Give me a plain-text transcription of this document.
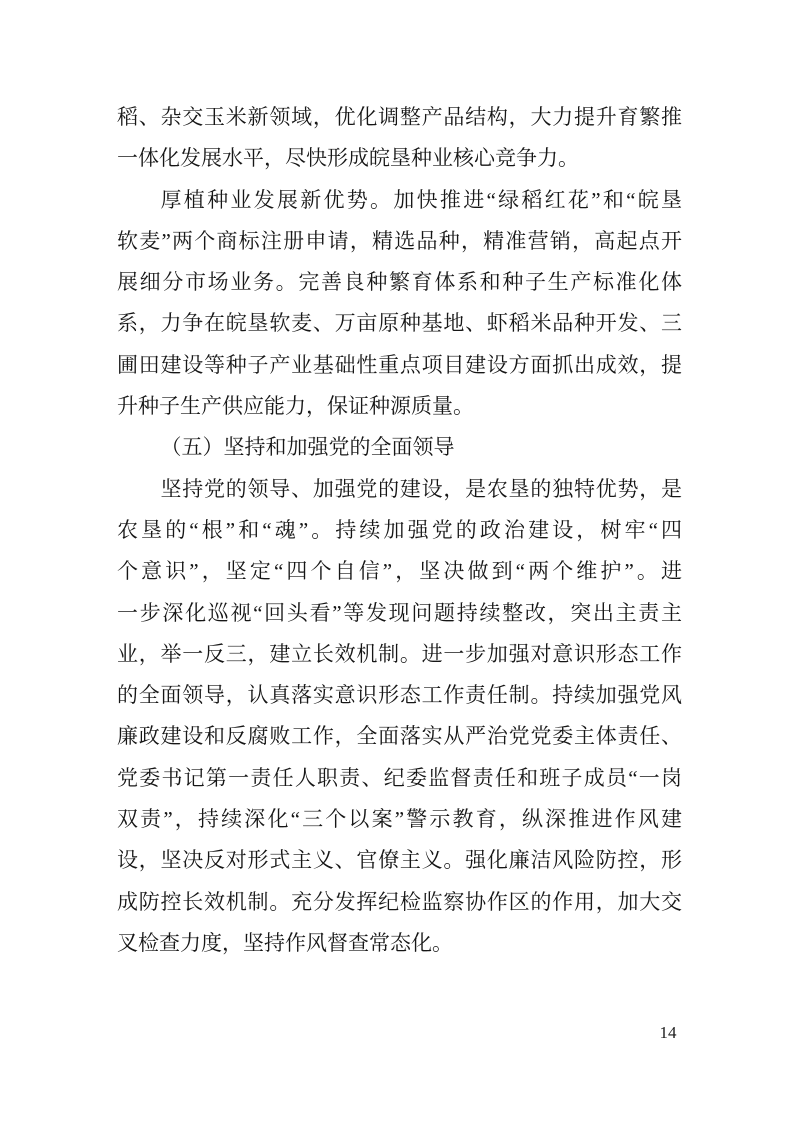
稻、杂交玉米新领域，优化调整产品结构，大力提升育繁推
一体化发展水平，尽快形成皖垦种业核心竞争力。
厚植种业发展新优势。加快推进“绿稻红花”和“皖垦
软麦”两个商标注册申请，精选品种，精准营销，高起点开
展细分市场业务。完善良种繁育体系和种子生产标准化体
系，力争在皖垦软麦、万亩原种基地、虾稻米品种开发、三
圃田建设等种子产业基础性重点项目建设方面抓出成效，提
升种子生产供应能力，保证种源质量。
（五）坚持和加强党的全面领导
坚持党的领导、加强党的建设，是农垦的独特优势，是
农垦的“根”和“魂”。持续加强党的政治建设，树牢“四
个意识”，坚定“四个自信”，坚决做到“两个维护”。进
一步深化巡视“回头看”等发现问题持续整改，突出主责主
业，举一反三，建立长效机制。进一步加强对意识形态工作
的全面领导，认真落实意识形态工作责任制。持续加强党风
廉政建设和反腐败工作，全面落实从严治党党委主体责任、
党委书记第一责任人职责、纪委监督责任和班子成员“一岗
双责”，持续深化“三个以案”警示教育，纵深推进作风建
设，坚决反对形式主义、官僚主义。强化廉洁风险防控，形
成防控长效机制。充分发挥纪检监察协作区的作用，加大交
叉检查力度，坚持作风督查常态化。
14
